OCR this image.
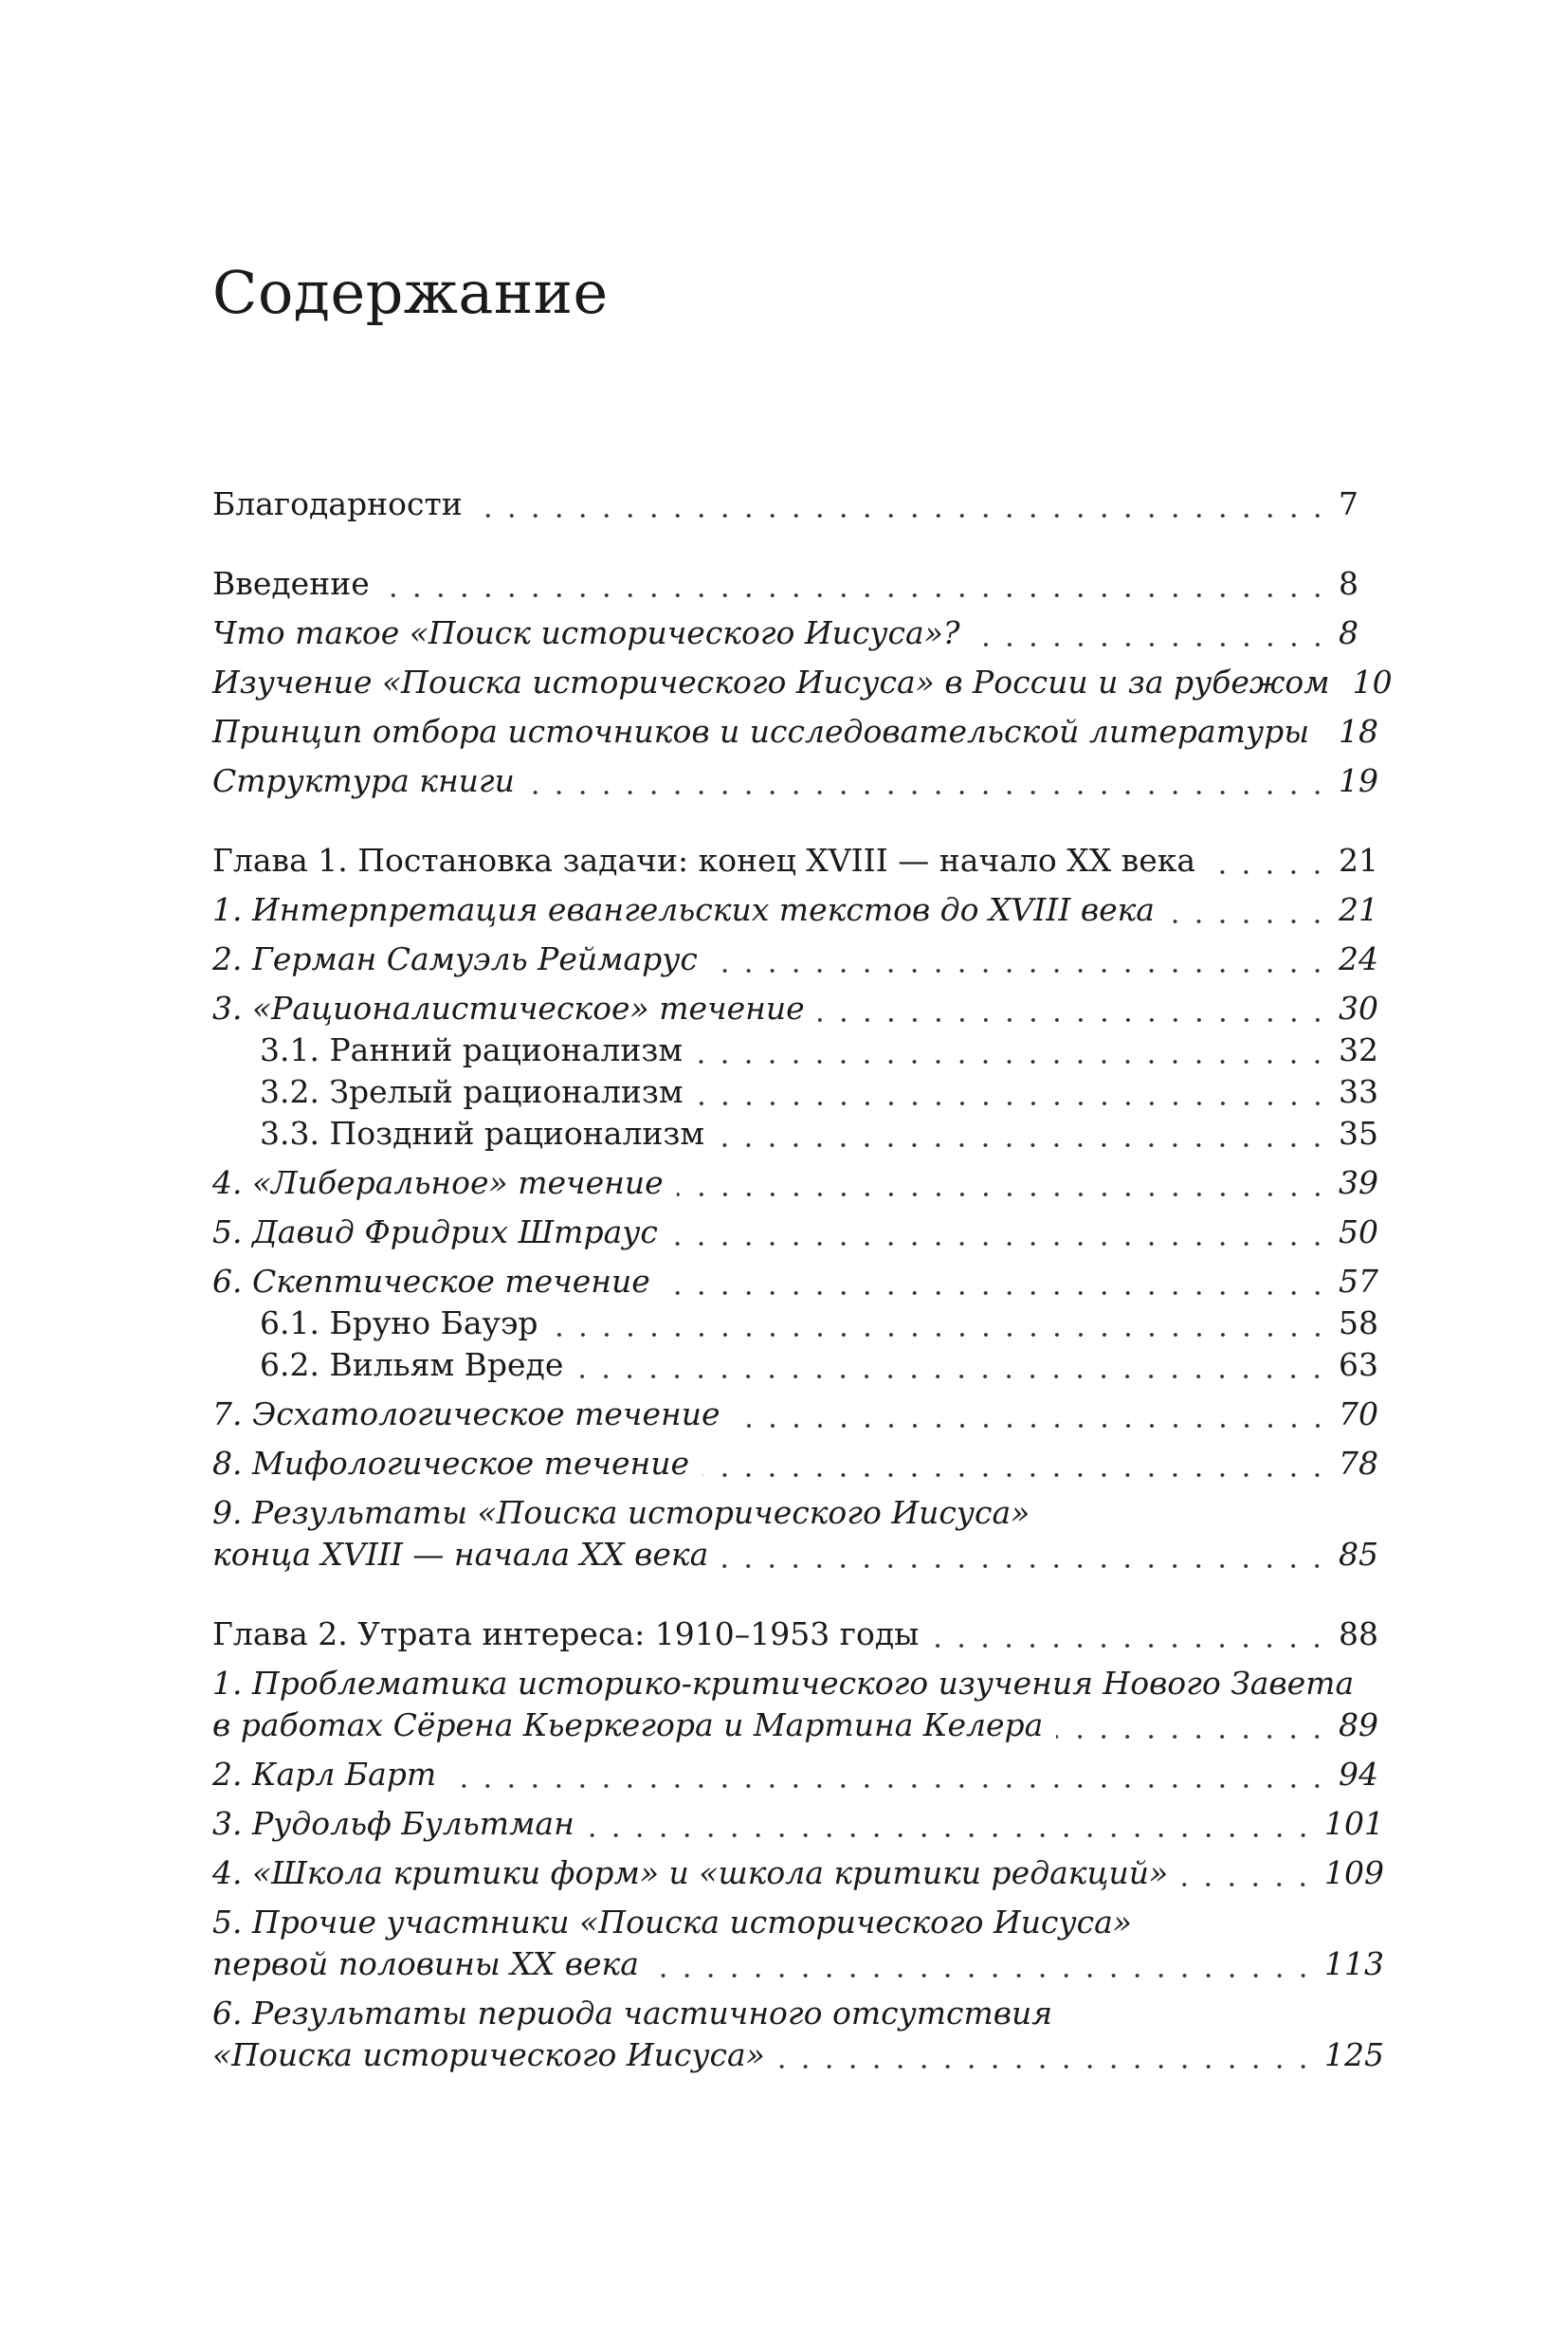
Содержание
Благодарности	7
Введение	8
Что такое «Поиск исторического Иисуса»?	8
Изучение «Поиска исторического Иисуса» в России и за рубежом 10
Принцип отбора источников и исследовательской литературы 18
Структура книги	19
Глава 1. Постановка задачи: конец XVIII — начало XX века	21
1. Интерпретация евангельских текстов до XVIII века	21
2. Герман Самуэль Реймарус	24
3. «Рационалистическое» течение	30
3.1. Ранний рационализм	32
3.2. Зрелый рационализм	33
3.3. Поздний рационализм	35
4. «Либеральное» течение	39
5. Давид Фридрих Штраус	50
6. Скептическое течение	57
6.1. Бруно Бауэр	58
6.2. Вильям Вреде	63
7. Эсхатологическое течение	70
8. Мифологическое течение	78
9. Результаты «Поиска исторического Иисуса»
конца XVIII — начала XX века	85
Глава 2. Утрата интереса: 1910–1953 годы	88
1. Проблематика историко-критического изучения Нового Завета
в работах Сёрена Кьеркегора и Мартина Келера	89
2. Карл Барт	94
3. Рудольф Бультман	101
4. «Школа критики форм» и «школа критики редакций»	109
5. Прочие участники «Поиска исторического Иисуса»
первой половины XX века	113
6. Результаты периода частичного отсутствия
«Поиска исторического Иисуса»	125
